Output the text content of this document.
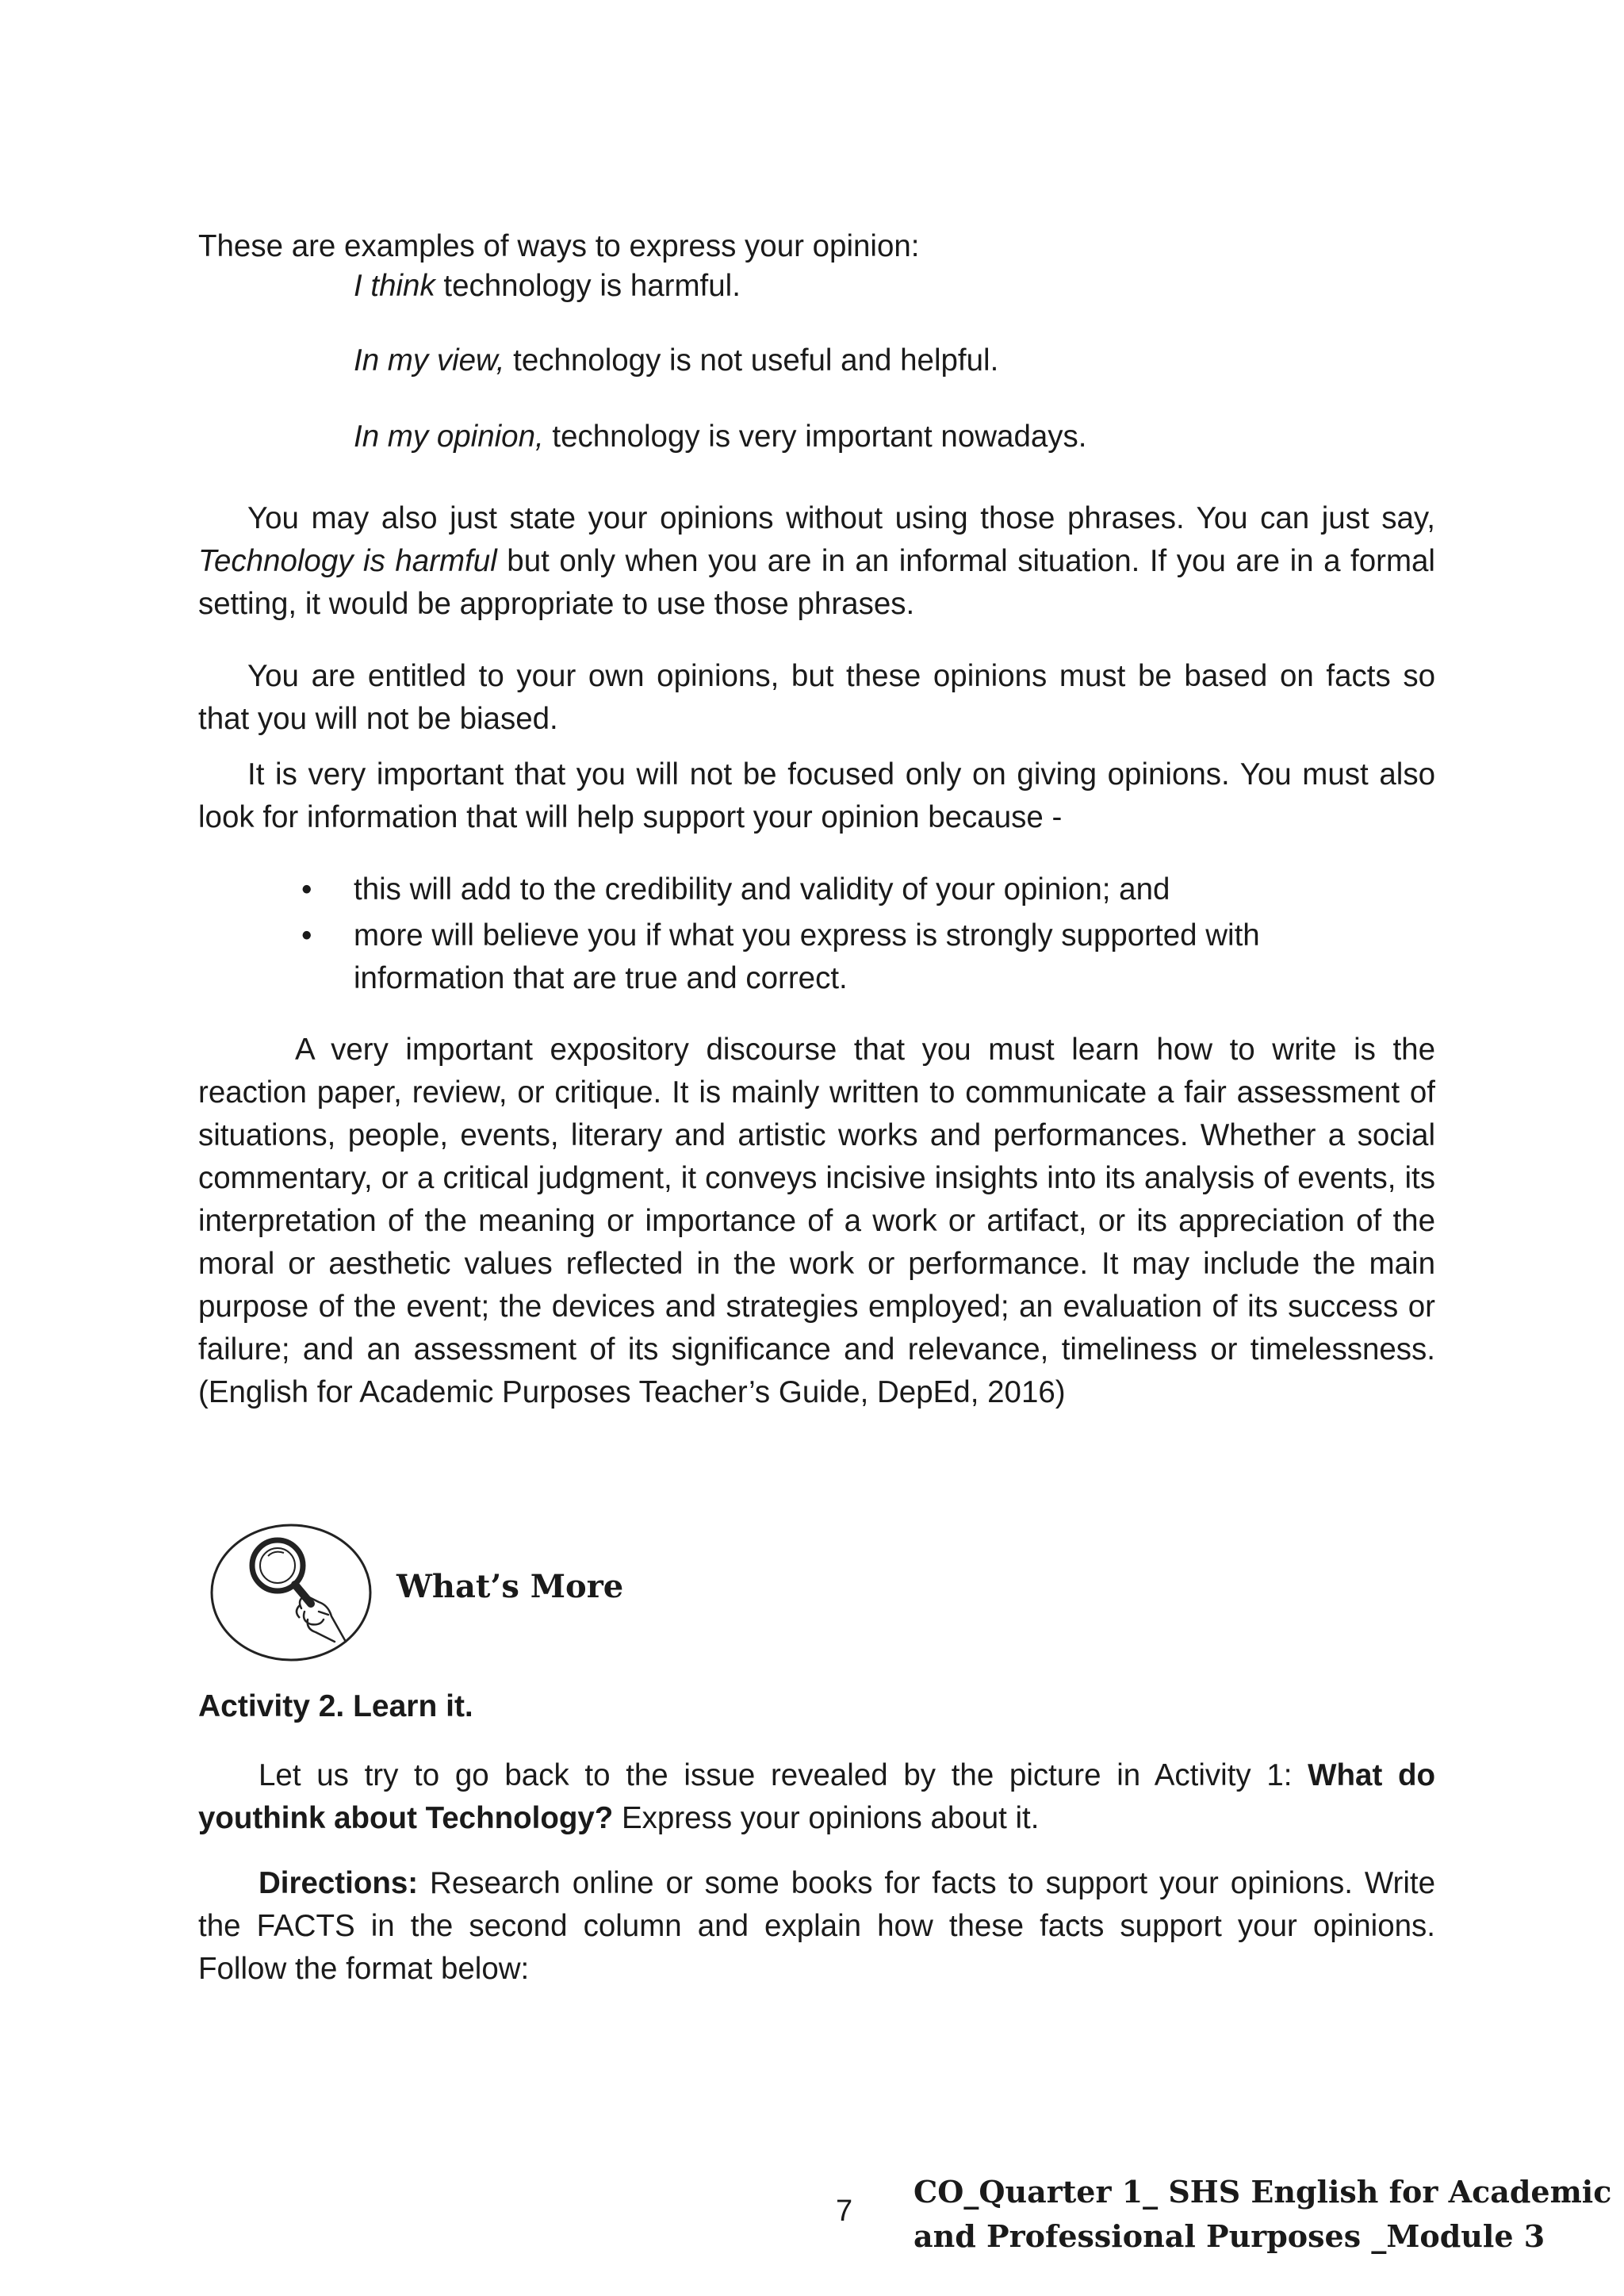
These are examples of ways to express your opinion:

I think technology is harmful.

In my view, technology is not useful and helpful.

In my opinion, technology is very important nowadays.

You may also just state your opinions without using those phrases. You can just say, Technology is harmful but only when you are in an informal situation. If you are in a formal setting, it would be appropriate to use those phrases.

You are entitled to your own opinions, but these opinions must be based on facts so that you will not be biased.

It is very important that you will not be focused only on giving opinions. You must also look for information that will help support your opinion because -

• this will add to the credibility and validity of your opinion; and
• more will believe you if what you express is strongly supported with information that are true and correct.

A very important expository discourse that you must learn how to write is the reaction paper, review, or critique. It is mainly written to communicate a fair assessment of situations, people, events, literary and artistic works and performances. Whether a social commentary, or a critical judgment, it conveys incisive insights into its analysis of events, its interpretation of the meaning or importance of a work or artifact, or its appreciation of the moral or aesthetic values reflected in the work or performance. It may include the main purpose of the event; the devices and strategies employed; an evaluation of its success or failure; and an assessment of its significance and relevance, timeliness or timelessness. (English for Academic Purposes Teacher’s Guide, DepEd, 2016)

What’s More

Activity 2. Learn it.

Let us try to go back to the issue revealed by the picture in Activity 1: What do youthink about Technology? Express your opinions about it.

Directions: Research online or some books for facts to support your opinions. Write the FACTS in the second column and explain how these facts support your opinions. Follow the format below:

7
CO_Quarter 1_ SHS English for Academic
and Professional Purposes _Module 3
